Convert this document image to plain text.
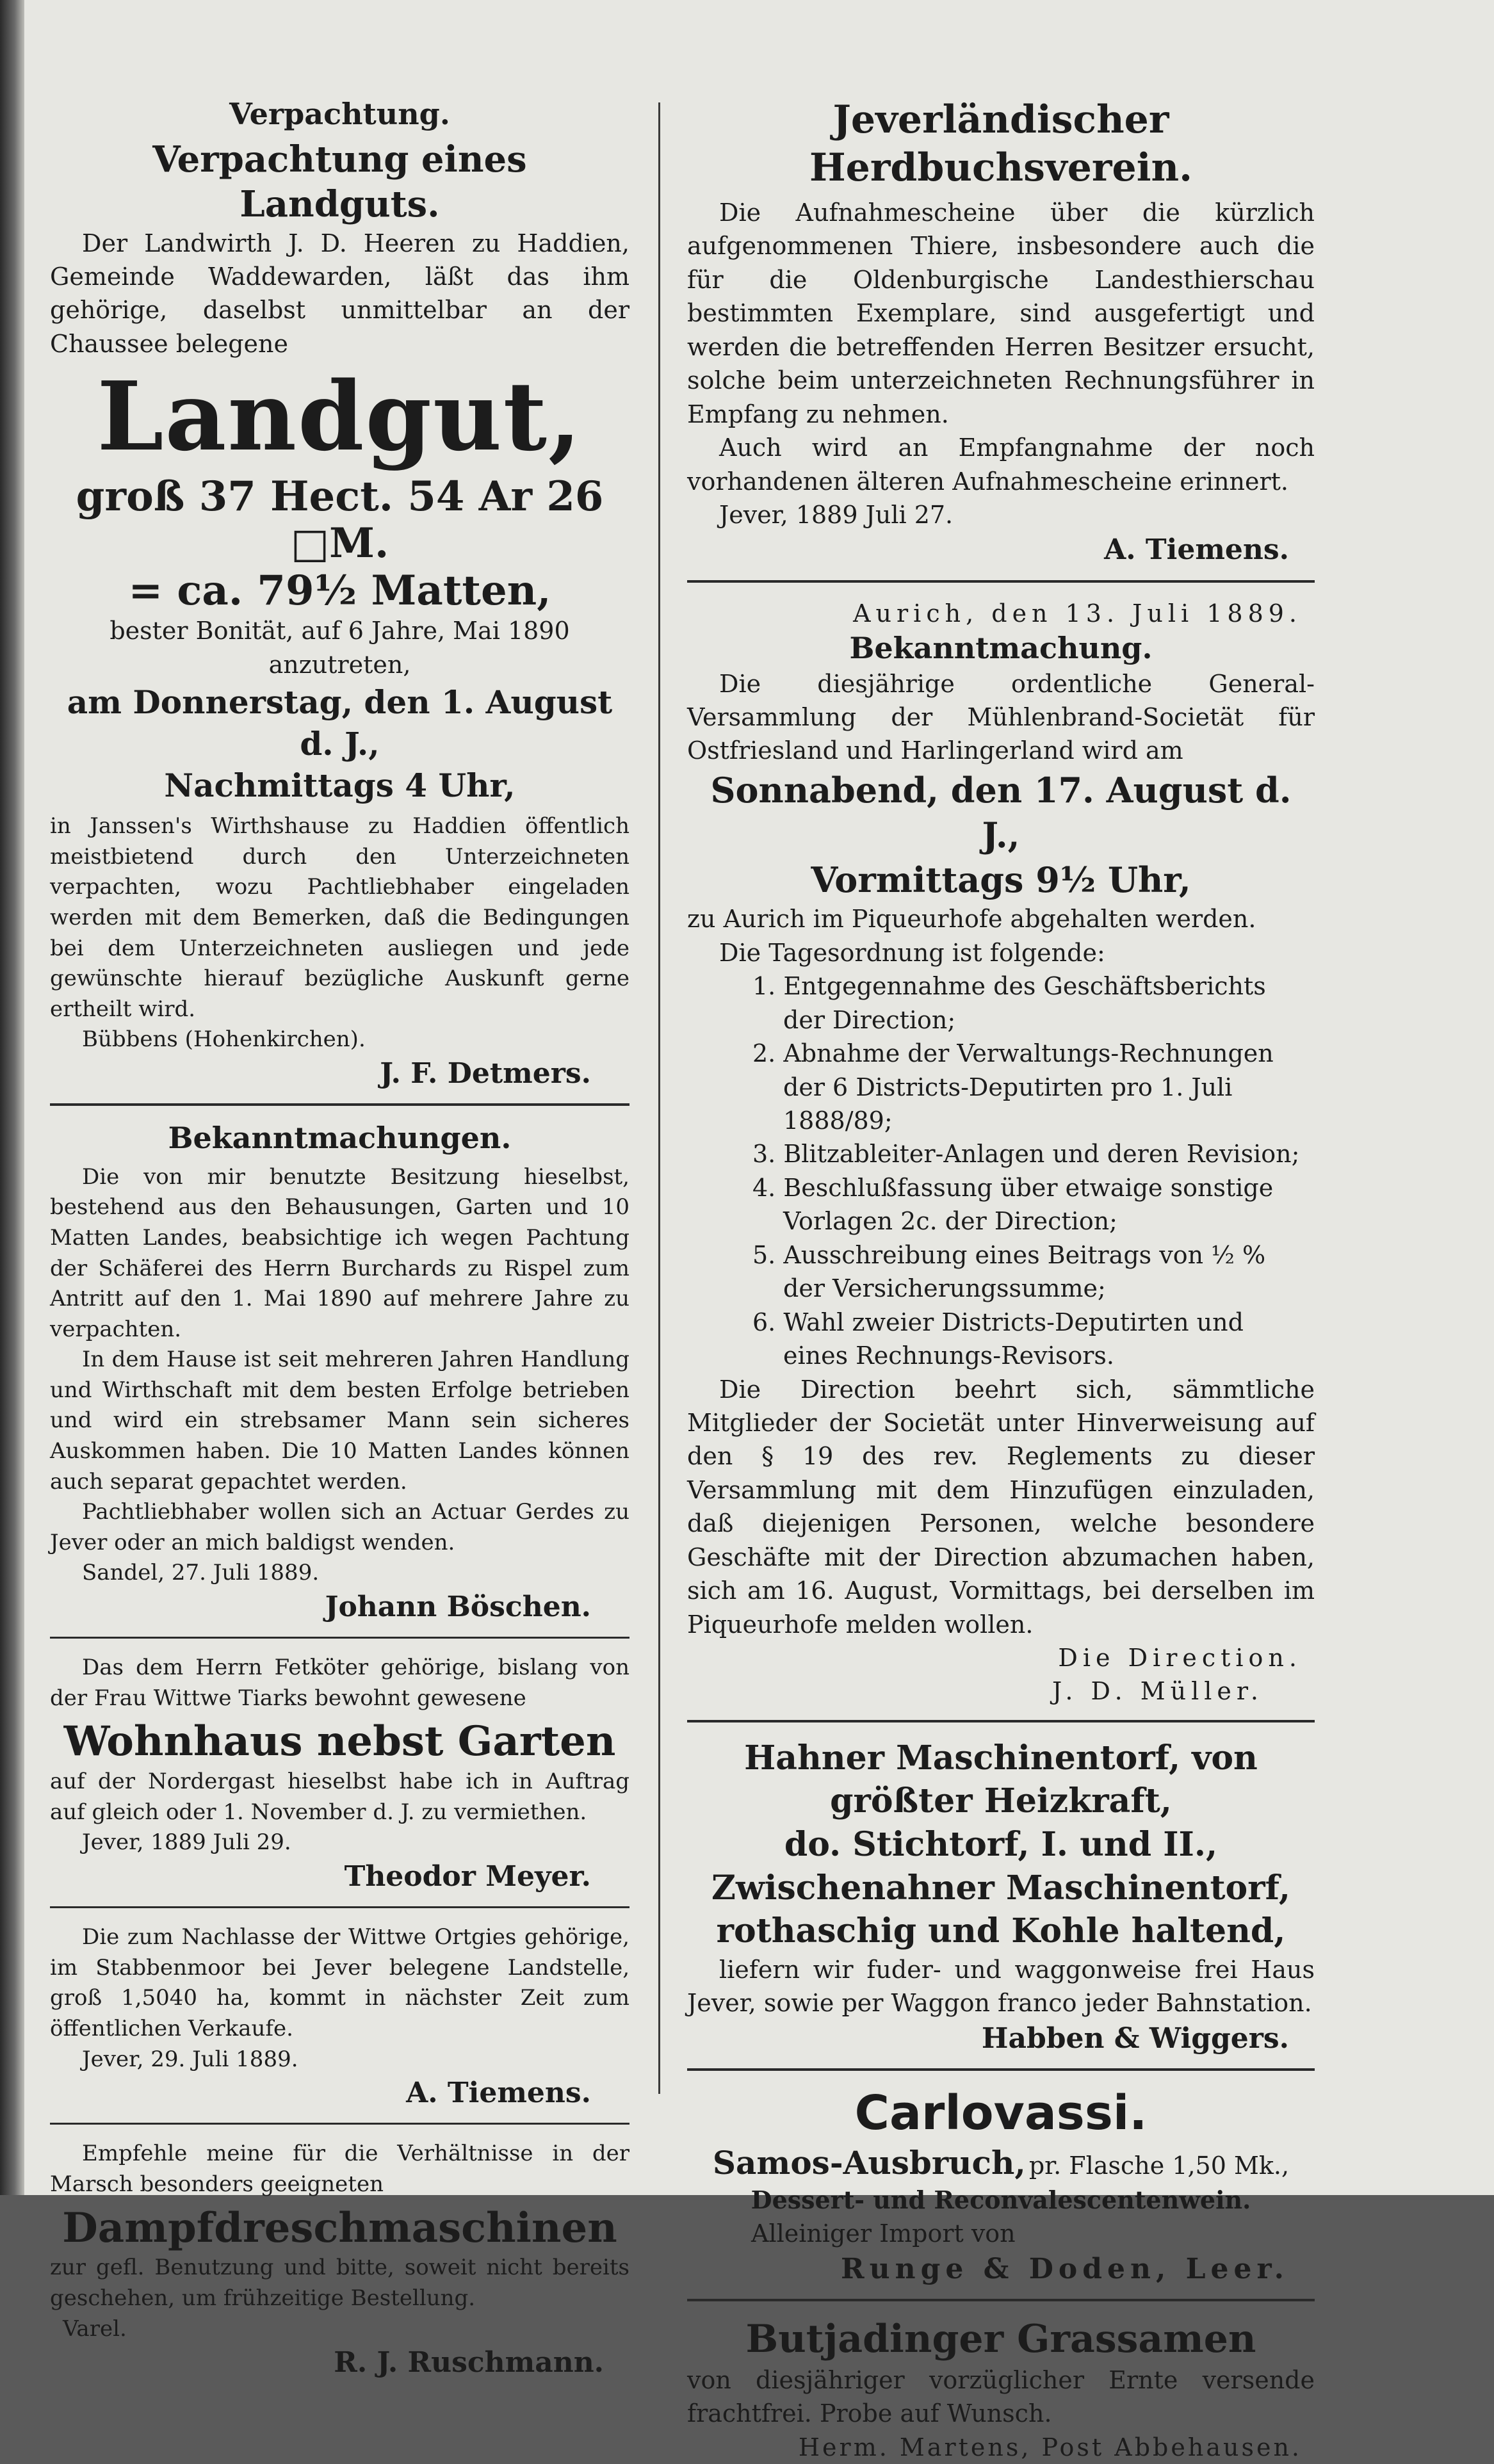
Verpachtung.

Verpachtung eines Landguts.

Der Landwirth J. D. Heeren zu Haddien, Gemeinde Waddewarden, läßt das ihm gehörige, daselbst unmittelbar an der Chaussee belegene

Landgut,

groß 37 Hect. 54 Ar 26 □M.

= ca. 79½ Matten,

bester Bonität, auf 6 Jahre, Mai 1890 anzutreten,

am Donnerstag, den 1. August d. J.,

Nachmittags 4 Uhr,

in Janssen's Wirthshause zu Haddien öffentlich meistbietend durch den Unterzeichneten verpachten, wozu Pachtliebhaber eingeladen werden mit dem Bemerken, daß die Bedingungen bei dem Unterzeichneten ausliegen und jede gewünschte hierauf bezügliche Auskunft gerne ertheilt wird.

Bübbens (Hohenkirchen).

J. F. Detmers.

Bekanntmachungen.

Die von mir benutzte Besitzung hieselbst, bestehend aus den Behausungen, Garten und 10 Matten Landes, beabsichtige ich wegen Pachtung der Schäferei des Herrn Burchards zu Rispel zum Antritt auf den 1. Mai 1890 auf mehrere Jahre zu verpachten.

In dem Hause ist seit mehreren Jahren Handlung und Wirthschaft mit dem besten Erfolge betrieben und wird ein strebsamer Mann sein sicheres Auskommen haben. Die 10 Matten Landes können auch separat gepachtet werden.

Pachtliebhaber wollen sich an Actuar Gerdes zu Jever oder an mich baldigst wenden.

Sandel, 27. Juli 1889.

Johann Böschen.

Das dem Herrn Fetköter gehörige, bislang von der Frau Wittwe Tiarks bewohnt gewesene

Wohnhaus nebst Garten

auf der Nordergast hieselbst habe ich in Auftrag auf gleich oder 1. November d. J. zu vermiethen.

Jever, 1889 Juli 29.

Theodor Meyer.

Die zum Nachlasse der Wittwe Ortgies gehörige, im Stabbenmoor bei Jever belegene Landstelle, groß 1,5040 ha, kommt in nächster Zeit zum öffentlichen Verkaufe.

Jever, 29. Juli 1889.

A. Tiemens.

Empfehle meine für die Verhältnisse in der Marsch besonders geeigneten

Dampfdreschmaschinen

zur gefl. Benutzung und bitte, soweit nicht bereits geschehen, um frühzeitige Bestellung.

Varel.

R. J. Ruschmann.

Jeverländischer Herdbuchsverein.

Die Aufnahmescheine über die kürzlich aufgenommenen Thiere, insbesondere auch die für die Oldenburgische Landesthierschau bestimmten Exemplare, sind ausgefertigt und werden die betreffenden Herren Besitzer ersucht, solche beim unterzeichneten Rechnungsführer in Empfang zu nehmen.

Auch wird an Empfangnahme der noch vorhandenen älteren Aufnahmescheine erinnert.

Jever, 1889 Juli 27.

A. Tiemens.

Aurich, den 13. Juli 1889.

Bekanntmachung.

Die diesjährige ordentliche General-Versammlung der Mühlenbrand-Societät für Ostfriesland und Harlingerland wird am

Sonnabend, den 17. August d. J.,

Vormittags 9½ Uhr,

zu Aurich im Piqueurhofe abgehalten werden.

Die Tagesordnung ist folgende:

1. Entgegennahme des Geschäftsberichts der Direction;

2. Abnahme der Verwaltungs-Rechnungen der 6 Districts-Deputirten pro 1. Juli 1888/89;

3. Blitzableiter-Anlagen und deren Revision;

4. Beschlußfassung über etwaige sonstige Vorlagen 2c. der Direction;

5. Ausschreibung eines Beitrags von ½ % der Versicherungssumme;

6. Wahl zweier Districts-Deputirten und eines Rechnungs-Revisors.

Die Direction beehrt sich, sämmtliche Mitglieder der Societät unter Hinverweisung auf den § 19 des rev. Reglements zu dieser Versammlung mit dem Hinzufügen einzuladen, daß diejenigen Personen, welche besondere Geschäfte mit der Direction abzumachen haben, sich am 16. August, Vormittags, bei derselben im Piqueurhofe melden wollen.

Die Direction.

J. D. Müller.

Hahner Maschinentorf, von größter Heizkraft,

do. Stichtorf, I. und II.,

Zwischenahner Maschinentorf, rothaschig und Kohle haltend,

liefern wir fuder- und waggonweise frei Haus Jever, sowie per Waggon franco jeder Bahnstation.

Habben & Wiggers.

Carlovassi.

Samos-Ausbruch, pr. Flasche 1,50 Mk.,

Dessert- und Reconvalescentenwein.

Alleiniger Import von

Runge & Doden, Leer.

Butjadinger Grassamen

von diesjähriger vorzüglicher Ernte versende frachtfrei. Probe auf Wunsch.

Herm. Martens, Post Abbehausen.
